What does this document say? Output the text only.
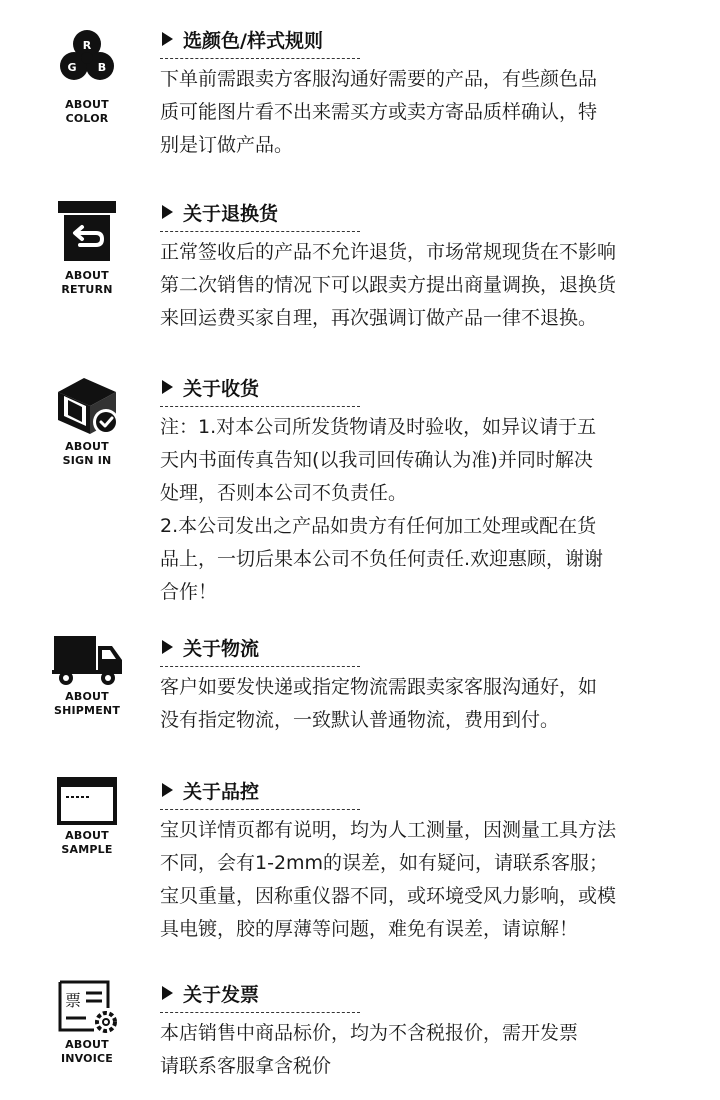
R
G B
ABOUT
COLOR
选颜色/样式规则
下单前需跟卖方客服沟通好需要的产品，有些颜色品
质可能图片看不出来需买方或卖方寄品质样确认，特
别是订做产品。
ABOUT
RETURN
关于退换货
正常签收后的产品不允许退货，市场常规现货在不影响
第二次销售的情况下可以跟卖方提出商量调换，退换货
来回运费买家自理，再次强调订做产品一律不退换。
ABOUT
SIGN IN
关于收货
注：1.对本公司所发货物请及时验收，如异议请于五
天内书面传真告知(以我司回传确认为准)并同时解决
处理，否则本公司不负责任。
2.本公司发出之产品如贵方有任何加工处理或配在货
品上，一切后果本公司不负任何责任.欢迎惠顾，谢谢
合作！
ABOUT
SHIPMENT
关于物流
客户如要发快递或指定物流需跟卖家客服沟通好，如
没有指定物流，一致默认普通物流，费用到付。
ABOUT
SAMPLE
关于品控
宝贝详情页都有说明，均为人工测量，因测量工具方法
不同，会有1-2mm的误差，如有疑问，请联系客服；
宝贝重量，因称重仪器不同，或环境受风力影响，或模
具电镀，胶的厚薄等问题，难免有误差，请谅解！
票
ABOUT
INVOICE
关于发票
本店销售中商品标价，均为不含税报价，需开发票
请联系客服拿含税价
